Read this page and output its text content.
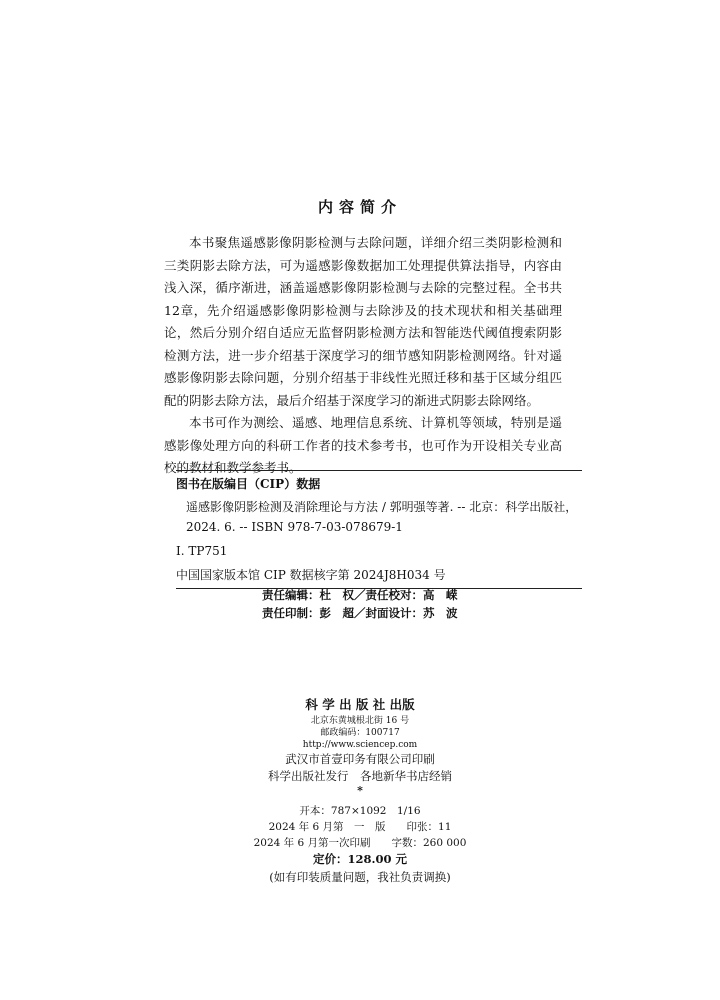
内容简介

本书聚焦遥感影像阴影检测与去除问题，详细介绍三类阴影检测和三类阴影去除方法，可为遥感影像数据加工处理提供算法指导，内容由浅入深，循序渐进，涵盖遥感影像阴影检测与去除的完整过程。全书共12章，先介绍遥感影像阴影检测与去除涉及的技术现状和相关基础理论，然后分别介绍自适应无监督阴影检测方法和智能迭代阈值搜索阴影检测方法，进一步介绍基于深度学习的细节感知阴影检测网络。针对遥感影像阴影去除问题，分别介绍基于非线性光照迁移和基于区域分组匹配的阴影去除方法，最后介绍基于深度学习的渐进式阴影去除网络。

本书可作为测绘、遥感、地理信息系统、计算机等领域，特别是遥感影像处理方向的科研工作者的技术参考书，也可作为开设相关专业高校的教材和教学参考书。

图书在版编目（CIP）数据
遥感影像阴影检测及消除理论与方法 / 郭明强等著. -- 北京：科学出版社，2024. 6. -- ISBN 978-7-03-078679-1
I. TP751
中国国家版本馆 CIP 数据核字第 2024J8H034 号
责任编辑：杜　权／责任校对：高　嵘
责任印制：彭　超／封面设计：苏　波
科 学 出 版 社 出版
北京东黄城根北街 16 号
邮政编码：100717
http://www.sciencep.com
武汉市首壹印务有限公司印刷
科学出版社发行　各地新华书店经销
*
开本：787×1092　1/16
2024 年 6 月第　一　版　　印张：11
2024 年 6 月第一次印刷　　字数：260 000
定价：128.00 元
(如有印装质量问题，我社负责调换)
